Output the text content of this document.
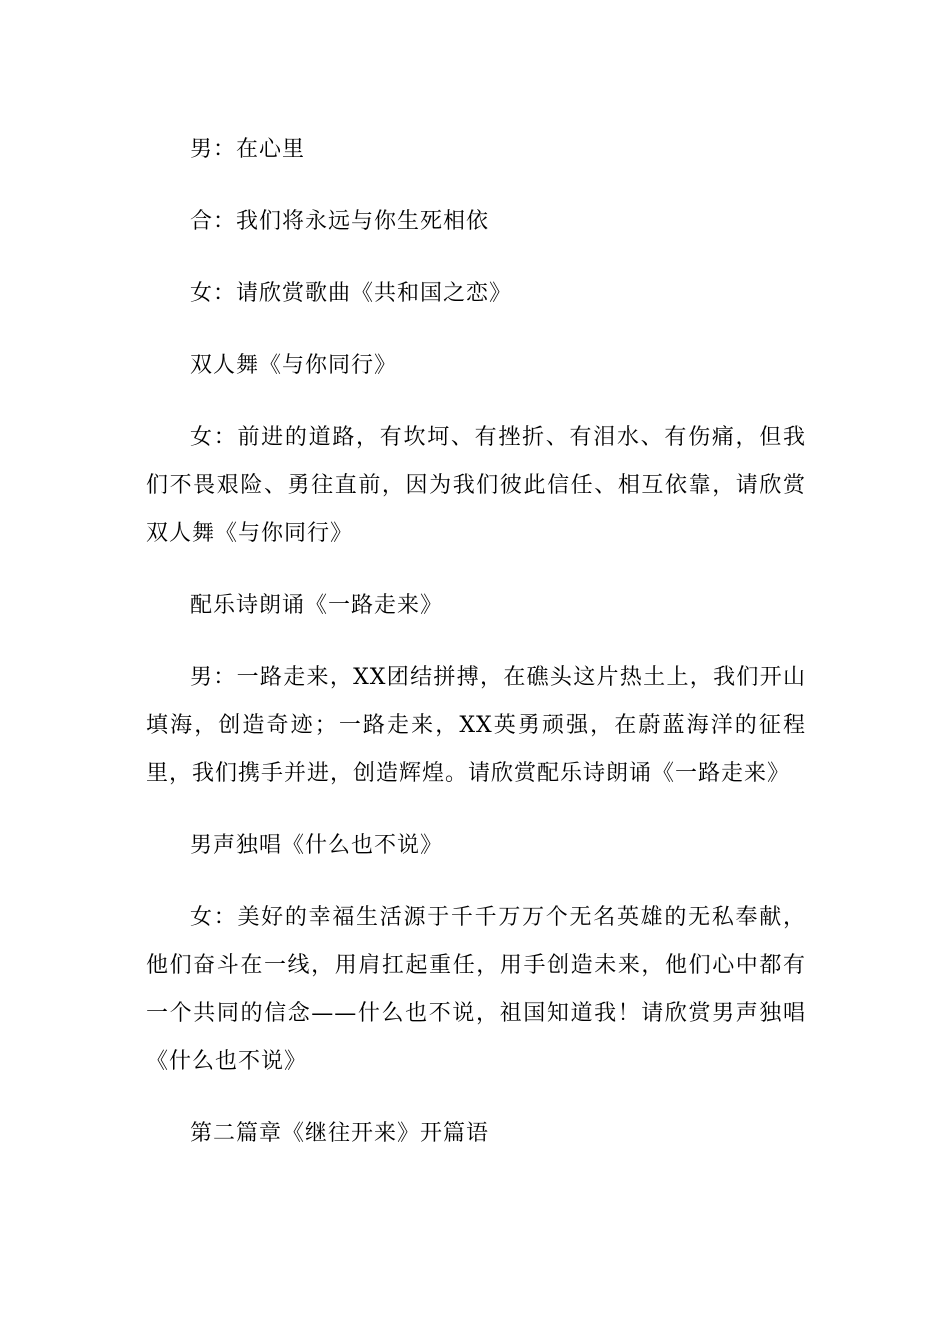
男：在心里

合：我们将永远与你生死相依

女：请欣赏歌曲《共和国之恋》

双人舞《与你同行》

女：前进的道路，有坎坷、有挫折、有泪水、有伤痛，但我们不畏艰险、勇往直前，因为我们彼此信任、相互依靠，请欣赏双人舞《与你同行》

配乐诗朗诵《一路走来》

男：一路走来，XX团结拼搏，在礁头这片热土上，我们开山填海，创造奇迹；一路走来，XX英勇顽强，在蔚蓝海洋的征程里，我们携手并进，创造辉煌。请欣赏配乐诗朗诵《一路走来》

男声独唱《什么也不说》

女：美好的幸福生活源于千千万万个无名英雄的无私奉献，他们奋斗在一线，用肩扛起重任，用手创造未来，他们心中都有一个共同的信念——什么也不说，祖国知道我！请欣赏男声独唱《什么也不说》

第二篇章《继往开来》开篇语
